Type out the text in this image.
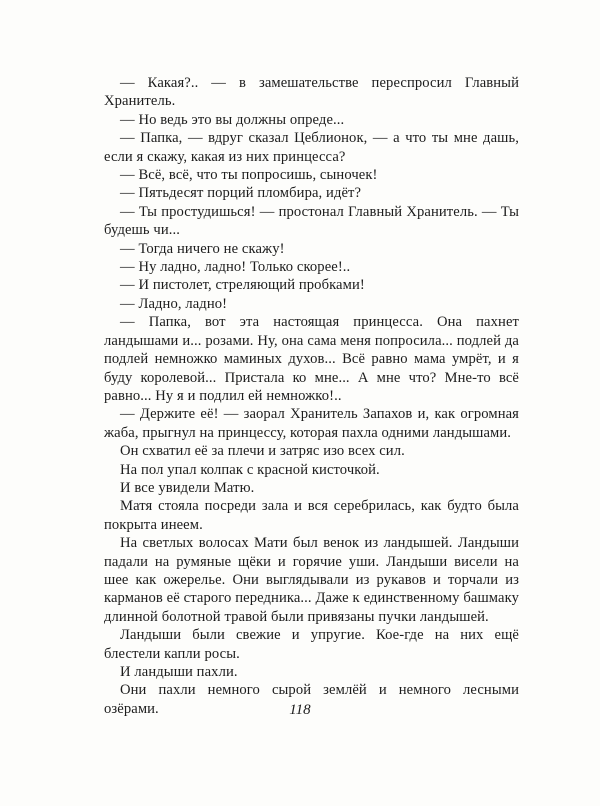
— Какая?.. — в замешательстве переспросил Главный Хранитель.

— Но ведь это вы должны опреде...

— Папка, — вдруг сказал Цеблионок, — а что ты мне дашь, если я скажу, какая из них принцесса?

— Всё, всё, что ты попросишь, сыночек!

— Пятьдесят порций пломбира, идёт?

— Ты простудишься! — простонал Главный Хранитель. — Ты будешь чи...

— Тогда ничего не скажу!

— Ну ладно, ладно! Только скорее!..

— И пистолет, стреляющий пробками!

— Ладно, ладно!

— Папка, вот эта настоящая принцесса. Она пахнет ландышами и... розами. Ну, она сама меня попросила... подлей да подлей немножко маминых духов... Всё равно мама умрёт, и я буду королевой... Пристала ко мне... А мне что? Мне-то всё равно... Ну я и подлил ей немножко!..

— Держите её! — заорал Хранитель Запахов и, как огромная жаба, прыгнул на принцессу, которая пахла одними ландышами.

Он схватил её за плечи и затряс изо всех сил.

На пол упал колпак с красной кисточкой.

И все увидели Матю.

Матя стояла посреди зала и вся серебрилась, как будто была покрыта инеем.

На светлых волосах Мати был венок из ландышей. Ландыши падали на румяные щёки и горячие уши. Ландыши висели на шее как ожерелье. Они выглядывали из рукавов и торчали из карманов её старого передника... Даже к единственному башмаку длинной болотной травой были привязаны пучки ландышей.

Ландыши были свежие и упругие. Кое-где на них ещё блестели капли росы.

И ландыши пахли.

Они пахли немного сырой землёй и немного лесными озёрами.	118
